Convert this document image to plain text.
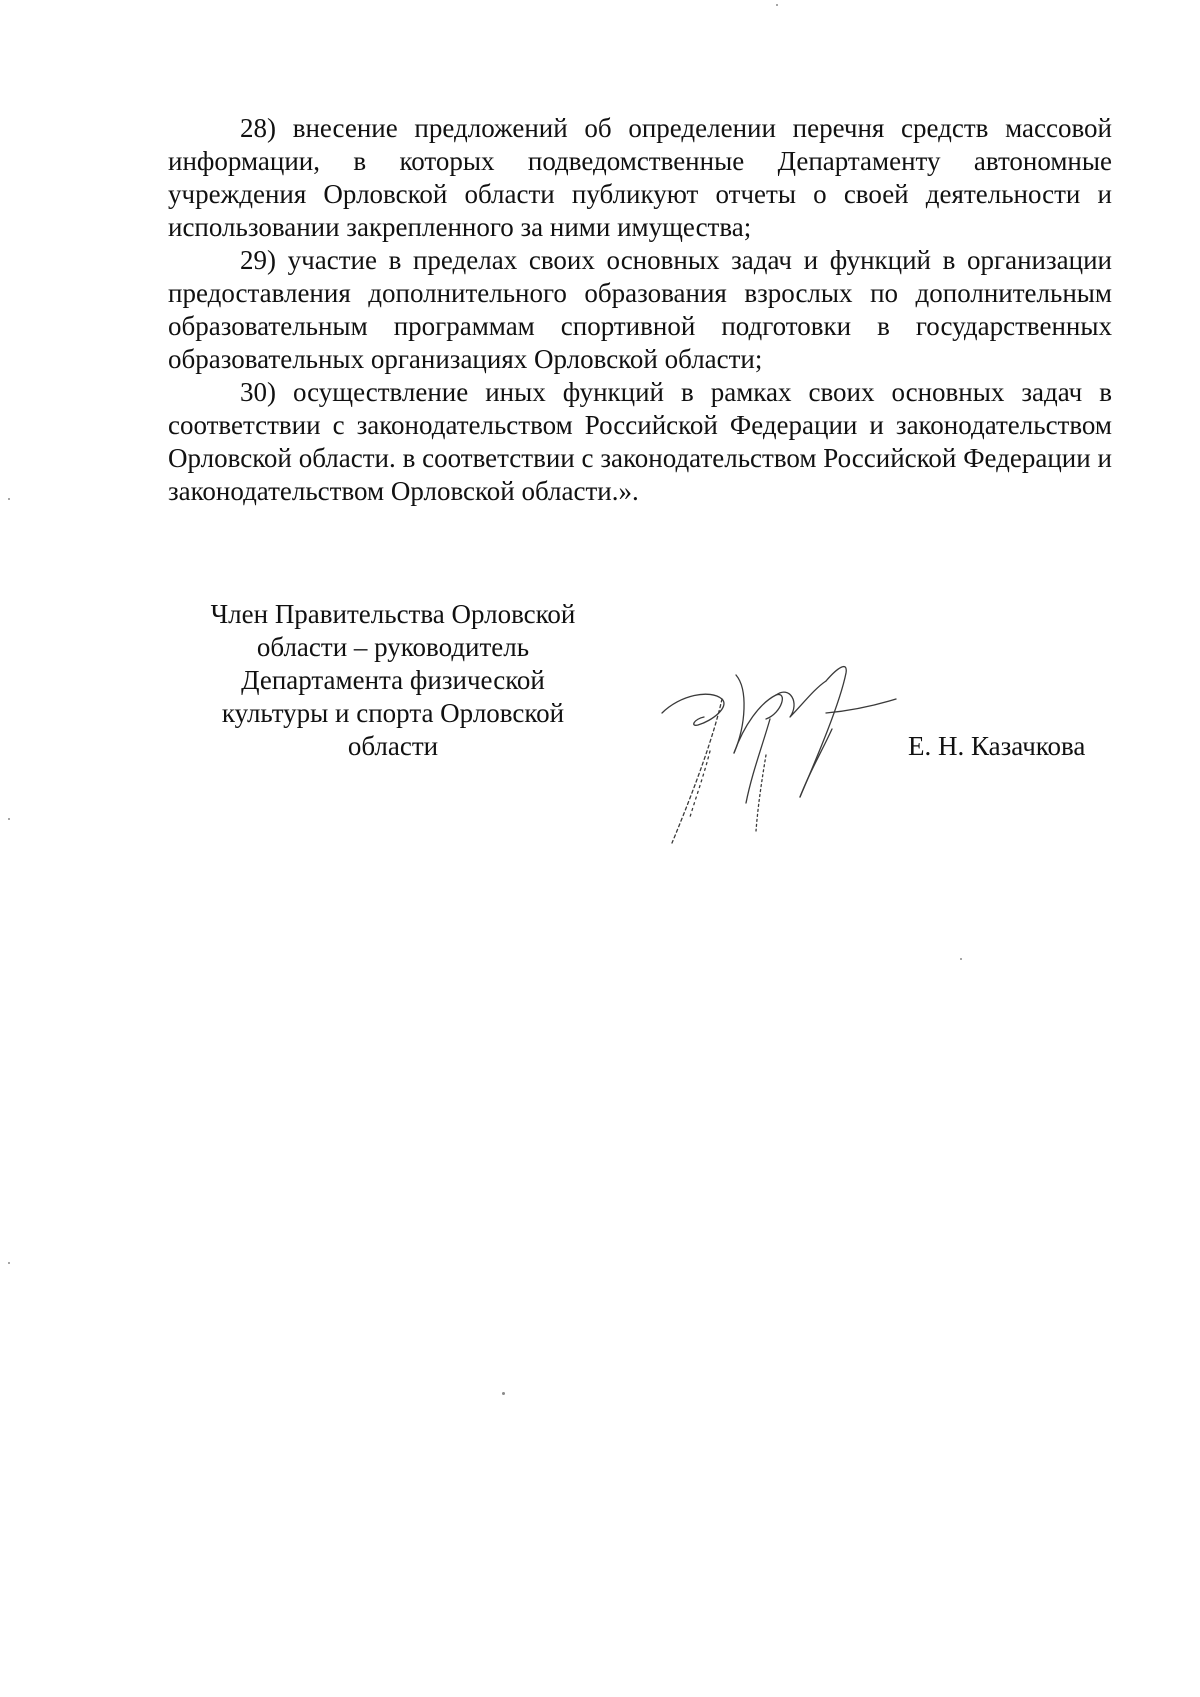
28) внесение предложений об определении перечня средств массовой информации, в которых подведомственные Департаменту автономные учреждения Орловской области публикуют отчеты о своей деятельности и использовании закрепленного за ними имущества;

29) участие в пределах своих основных задач и функций в организации предоставления дополнительного образования взрослых по дополнительным образовательным программам спортивной подготовки в государственных образовательных организациях Орловской области;

30) осуществление иных функций в рамках своих основных задач в соответствии с законодательством Российской Федерации и законодательством Орловской области. в соответствии с законодательством Российской Федерации и законодательством Орловской области.».

Член Правительства Орловской
области – руководитель
Департамента физической
культуры и спорта Орловской
области	Е. Н. Казачкова
